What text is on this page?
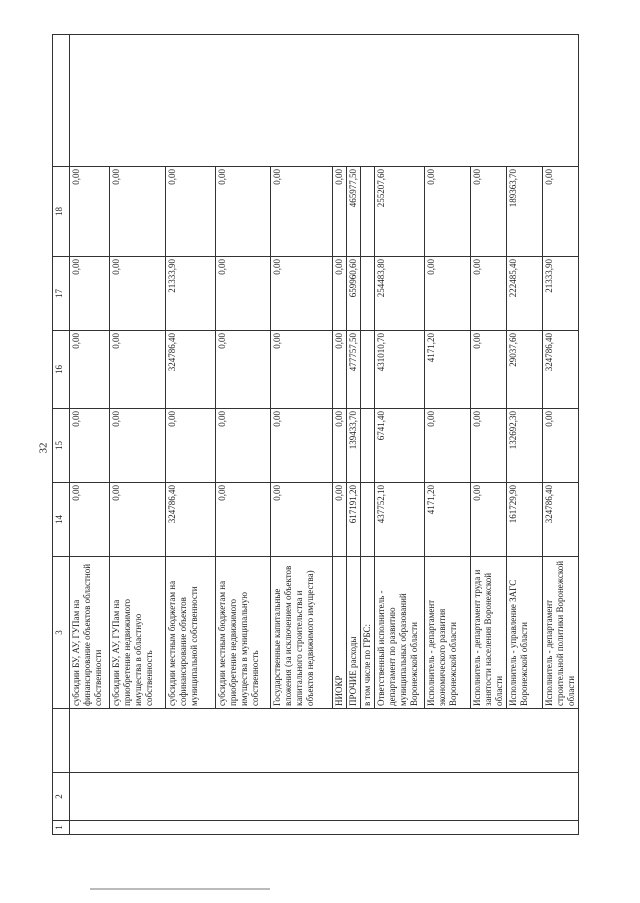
32
1	2		3	14	15	16	17	18	
			субсидии БУ, АУ, ГУПам на финансирование объектов областной собственности	0,00	0,00	0,00	0,00	0,00	
			субсидии БУ, АУ, ГУПам на приобретение недвижимого имущества в областную собственность	0,00	0,00	0,00	0,00	0,00	
			субсидии местным бюджетам на софинансирование объектов муниципальной собственности	324786,40	0,00	324786,40	21333,90	0,00	
			субсидии местным бюджетам на приобретение недвижимого имущества в муниципальную собственность	0,00	0,00	0,00	0,00	0,00	
			Государственные капитальные вложения (за исключением объектов капитального строительства и объектов недвижимого имущества)	0,00	0,00	0,00	0,00	0,00	
			НИОКР	0,00	0,00	0,00	0,00	0,00	
			ПРОЧИЕ расходы	617191,20	139433,70	477757,50	659960,60	465977,50	
			в том числе по ГРБС:						
			Ответственный исполнитель - департамент по развитию муниципальных образований Воронежской области	437752,10	6741,40	431010,70	254483,80	255207,60	
			Исполнитель - департамент экономического развития Воронежской области	4171,20	0,00	4171,20	0,00	0,00	
			Исполнитель - департамент труда и занятости населения Воронежской области	0,00	0,00	0,00	0,00	0,00	
			Исполнитель - управление ЗАГС Воронежской области	161729,90	132692,30	29037,60	222485,40	189363,70	
			Исполнитель - департамент строительной политики Воронежской области	324786,40	0,00	324786,40	21333,90	0,00	
